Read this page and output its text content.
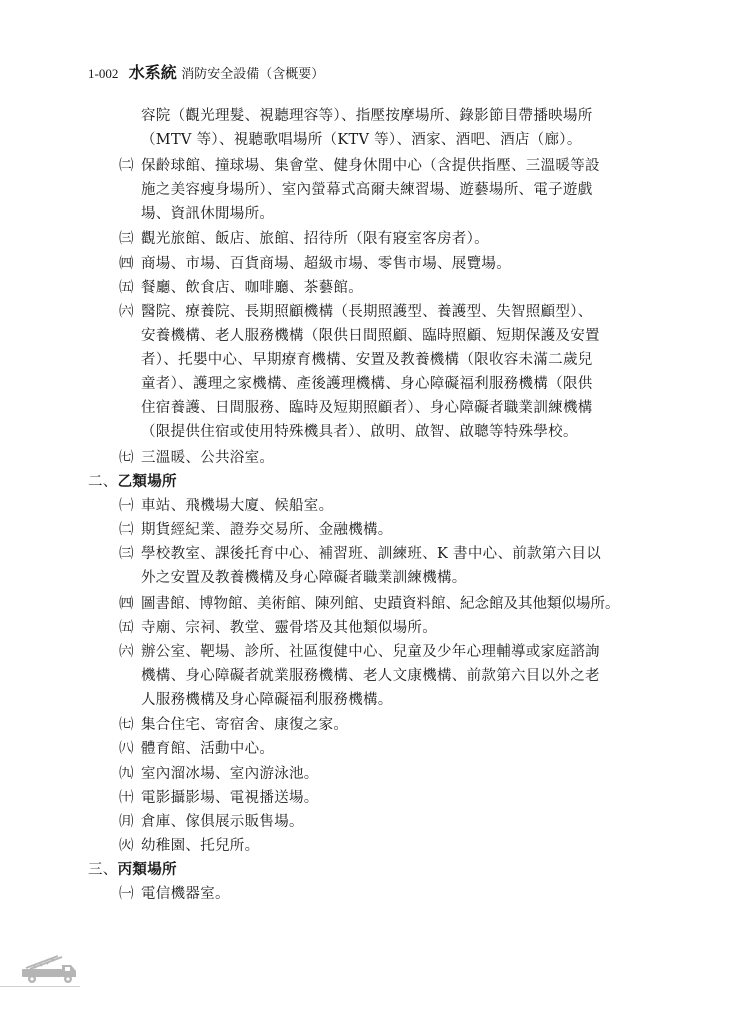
1-002 水系統 消防安全設備（含概要）
容院（觀光理髮、視聽理容等）、指壓按摩場所、錄影節目帶播映場所
（MTV 等）、視聽歌唱場所（KTV 等）、酒家、酒吧、酒店（廊）。
㈡ 保齡球館、撞球場、集會堂、健身休閒中心（含提供指壓、三溫暖等設
施之美容瘦身場所）、室內螢幕式高爾夫練習場、遊藝場所、電子遊戲
場、資訊休閒場所。
㈢ 觀光旅館、飯店、旅館、招待所（限有寢室客房者）。
㈣ 商場、市場、百貨商場、超級市場、零售市場、展覽場。
㈤ 餐廳、飲食店、咖啡廳、茶藝館。
㈥ 醫院、療養院、長期照顧機構（長期照護型、養護型、失智照顧型）、
安養機構、老人服務機構（限供日間照顧、臨時照顧、短期保護及安置
者）、托嬰中心、早期療育機構、安置及教養機構（限收容未滿二歲兒
童者）、護理之家機構、產後護理機構、身心障礙福利服務機構（限供
住宿養護、日間服務、臨時及短期照顧者）、身心障礙者職業訓練機構
（限提供住宿或使用特殊機具者）、啟明、啟智、啟聰等特殊學校。
㈦ 三溫暖、公共浴室。
二、乙類場所
㈠ 車站、飛機場大廈、候船室。
㈡ 期貨經紀業、證券交易所、金融機構。
㈢ 學校教室、課後托育中心、補習班、訓練班、K 書中心、前款第六目以
外之安置及教養機構及身心障礙者職業訓練機構。
㈣ 圖書館、博物館、美術館、陳列館、史蹟資料館、紀念館及其他類似場所。
㈤ 寺廟、宗祠、教堂、靈骨塔及其他類似場所。
㈥ 辦公室、靶場、診所、社區復健中心、兒童及少年心理輔導或家庭諮詢
機構、身心障礙者就業服務機構、老人文康機構、前款第六目以外之老
人服務機構及身心障礙福利服務機構。
㈦ 集合住宅、寄宿舍、康復之家。
㈧ 體育館、活動中心。
㈨ 室內溜冰場、室內游泳池。
㈩ 電影攝影場、電視播送場。
㈪ 倉庫、傢俱展示販售場。
㈫ 幼稚園、托兒所。
三、丙類場所
㈠ 電信機器室。
